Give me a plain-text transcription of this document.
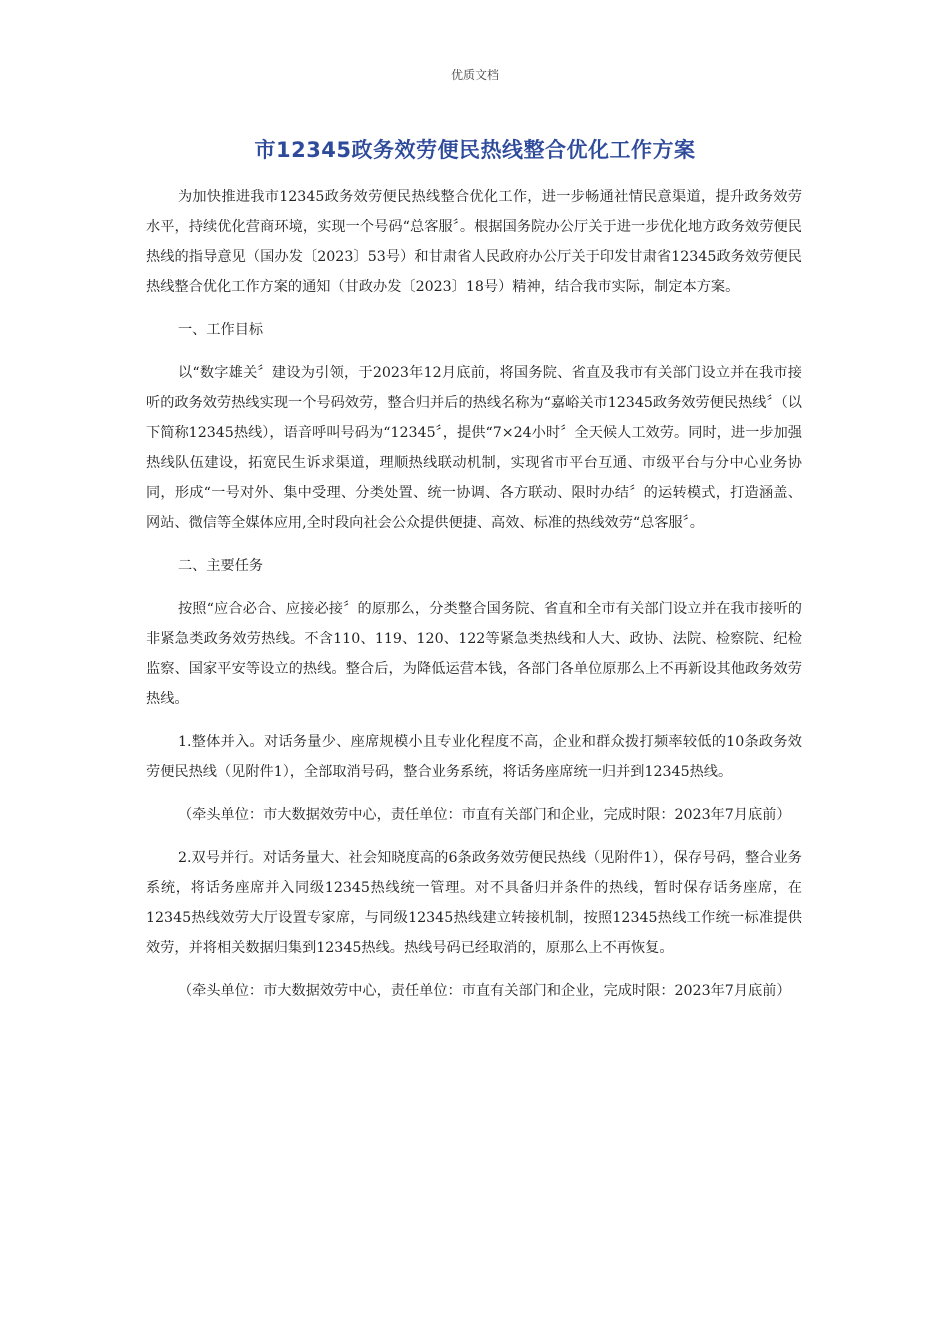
优质文档
市12345政务效劳便民热线整合优化工作方案

为加快推进我市12345政务效劳便民热线整合优化工作，进一步畅通社情民意渠道，提升政务效劳水平，持续优化营商环境，实现一个号码“总客服〞。根据国务院办公厅关于进一步优化地方政务效劳便民热线的指导意见（国办发〔2023〕53号）和甘肃省人民政府办公厅关于印发甘肃省12345政务效劳便民热线整合优化工作方案的通知（甘政办发〔2023〕18号）精神，结合我市实际，制定本方案。

一、工作目标

以“数字雄关〞建设为引领，于2023年12月底前，将国务院、省直及我市有关部门设立并在我市接听的政务效劳热线实现一个号码效劳，整合归并后的热线名称为“嘉峪关市12345政务效劳便民热线〞（以下简称12345热线），语音呼叫号码为“12345〞，提供“7×24小时〞全天候人工效劳。同时，进一步加强热线队伍建设，拓宽民生诉求渠道，理顺热线联动机制，实现省市平台互通、市级平台与分中心业务协同，形成“一号对外、集中受理、分类处置、统一协调、各方联动、限时办结〞的运转模式，打造涵盖、网站、微信等全媒体应用,全时段向社会公众提供便捷、高效、标准的热线效劳“总客服〞。

二、主要任务

按照“应合必合、应接必接〞的原那么，分类整合国务院、省直和全市有关部门设立并在我市接听的非紧急类政务效劳热线。不含110、119、120、122等紧急类热线和人大、政协、法院、检察院、纪检监察、国家平安等设立的热线。整合后，为降低运营本钱，各部门各单位原那么上不再新设其他政务效劳热线。

1.整体并入。对话务量少、座席规模小且专业化程度不高，企业和群众拨打频率较低的10条政务效劳便民热线（见附件1），全部取消号码，整合业务系统，将话务座席统一归并到12345热线。

（牵头单位：市大数据效劳中心，责任单位：市直有关部门和企业，完成时限：2023年7月底前）

2.双号并行。对话务量大、社会知晓度高的6条政务效劳便民热线（见附件1），保存号码，整合业务系统，将话务座席并入同级12345热线统一管理。对不具备归并条件的热线，暂时保存话务座席，在12345热线效劳大厅设置专家席，与同级12345热线建立转接机制，按照12345热线工作统一标准提供效劳，并将相关数据归集到12345热线。热线号码已经取消的，原那么上不再恢复。

（牵头单位：市大数据效劳中心，责任单位：市直有关部门和企业，完成时限：2023年7月底前）
